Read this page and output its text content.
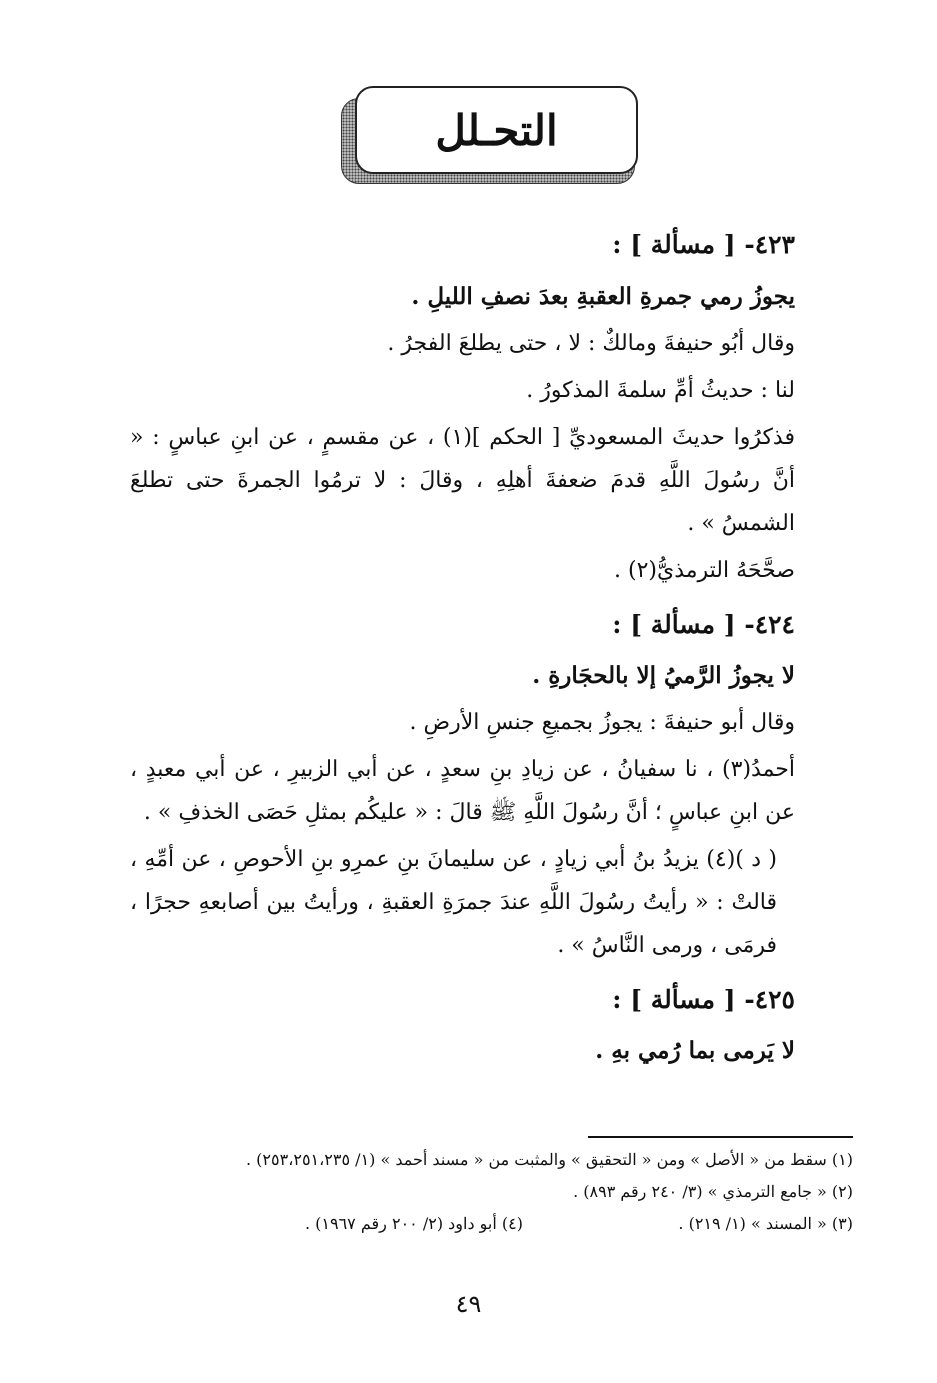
التحـلل
٤٢٣- [ مسألة ] :
يجوزُ رمي جمرةِ العقبةِ بعدَ نصفِ الليلِ .
وقال أبُو حنيفةَ ومالكٌ : لا ، حتى يطلعَ الفجرُ .
لنا : حديثُ أمِّ سلمةَ المذكورُ .
فذكرُوا حديثَ المسعوديِّ [ الحكم ](١) ، عن مقسمٍ ، عن ابنِ عباسٍ : « أنَّ رسُولَ اللَّهِ قدمَ ضعفةَ أهلِهِ ، وقالَ : لا ترمُوا الجمرةَ حتى تطلعَ الشمسُ » .
صحَّحَهُ الترمذيُّ(٢) .
٤٢٤- [ مسألة ] :
لا يجوزُ الرَّميُ إلا بالحجَارةِ .
وقال أبو حنيفةَ : يجوزُ بجميعِ جنسِ الأرضِ .
أحمدُ(٣) ، نا سفيانُ ، عن زيادِ بنِ سعدٍ ، عن أبي الزبيرِ ، عن أبي معبدٍ ، عن ابنِ عباسٍ ؛ أنَّ رسُولَ اللَّهِ ﷺ قالَ : « عليكُم بمثلِ حَصَى الخذفِ » .
( د )(٤) يزيدُ بنُ أبي زيادٍ ، عن سليمانَ بنِ عمرِو بنِ الأحوصِ ، عن أمِّهِ ، قالتْ : « رأيتُ رسُولَ اللَّهِ عندَ جمرَةِ العقبةِ ، ورأيتُ بين أصابعهِ حجرًا ، فرمَى ، ورمى النَّاسُ » .
٤٢٥- [ مسألة ] :
لا يَرمى بما رُمي بهِ .
(١) سقط من « الأصل » ومن « التحقيق » والمثبت من « مسند أحمد » (١/ ٢٥٣،٢٥١،٢٣٥) .
(٢) « جامع الترمذي » (٣/ ٢٤٠ رقم ٨٩٣) .
(٣) « المسند » (١/ ٢١٩) .
(٤) أبو داود (٢/ ٢٠٠ رقم ١٩٦٧) .
٤٩
